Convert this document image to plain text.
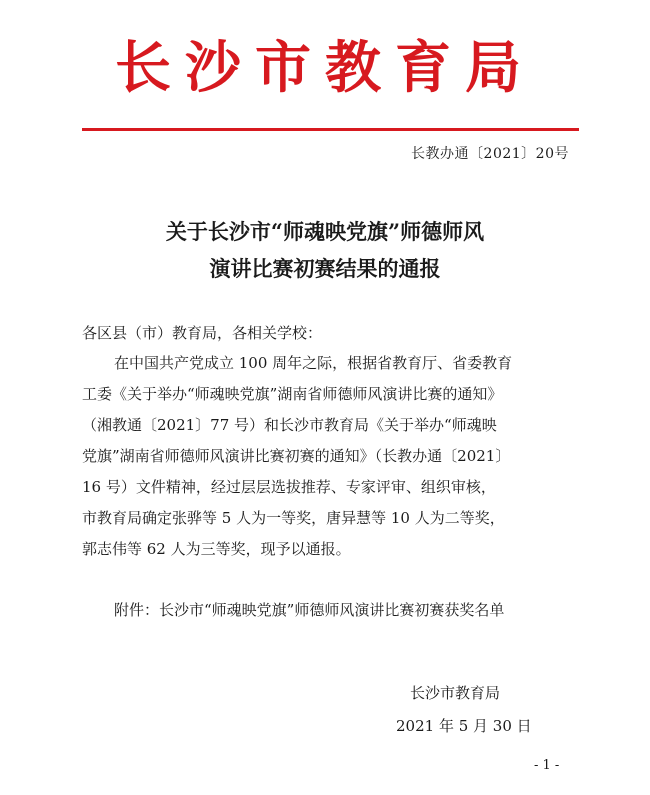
长沙市教育局
长教办通〔2021〕20号
关于长沙市“师魂映党旗”师德师风
演讲比赛初赛结果的通报
各区县（市）教育局，各相关学校：
在中国共产党成立 100 周年之际，根据省教育厅、省委教育
工委《关于举办“师魂映党旗”湖南省师德师风演讲比赛的通知》
（湘教通〔2021〕77 号）和长沙市教育局《关于举办“师魂映
党旗”湖南省师德师风演讲比赛初赛的通知》（长教办通〔2021〕
16 号）文件精神，经过层层选拔推荐、专家评审、组织审核，
市教育局确定张骅等 5 人为一等奖，唐异慧等 10 人为二等奖，
郭志伟等 62 人为三等奖，现予以通报。
附件：长沙市“师魂映党旗”师德师风演讲比赛初赛获奖名单
长沙市教育局
2021 年 5 月 30 日
- 1 -
